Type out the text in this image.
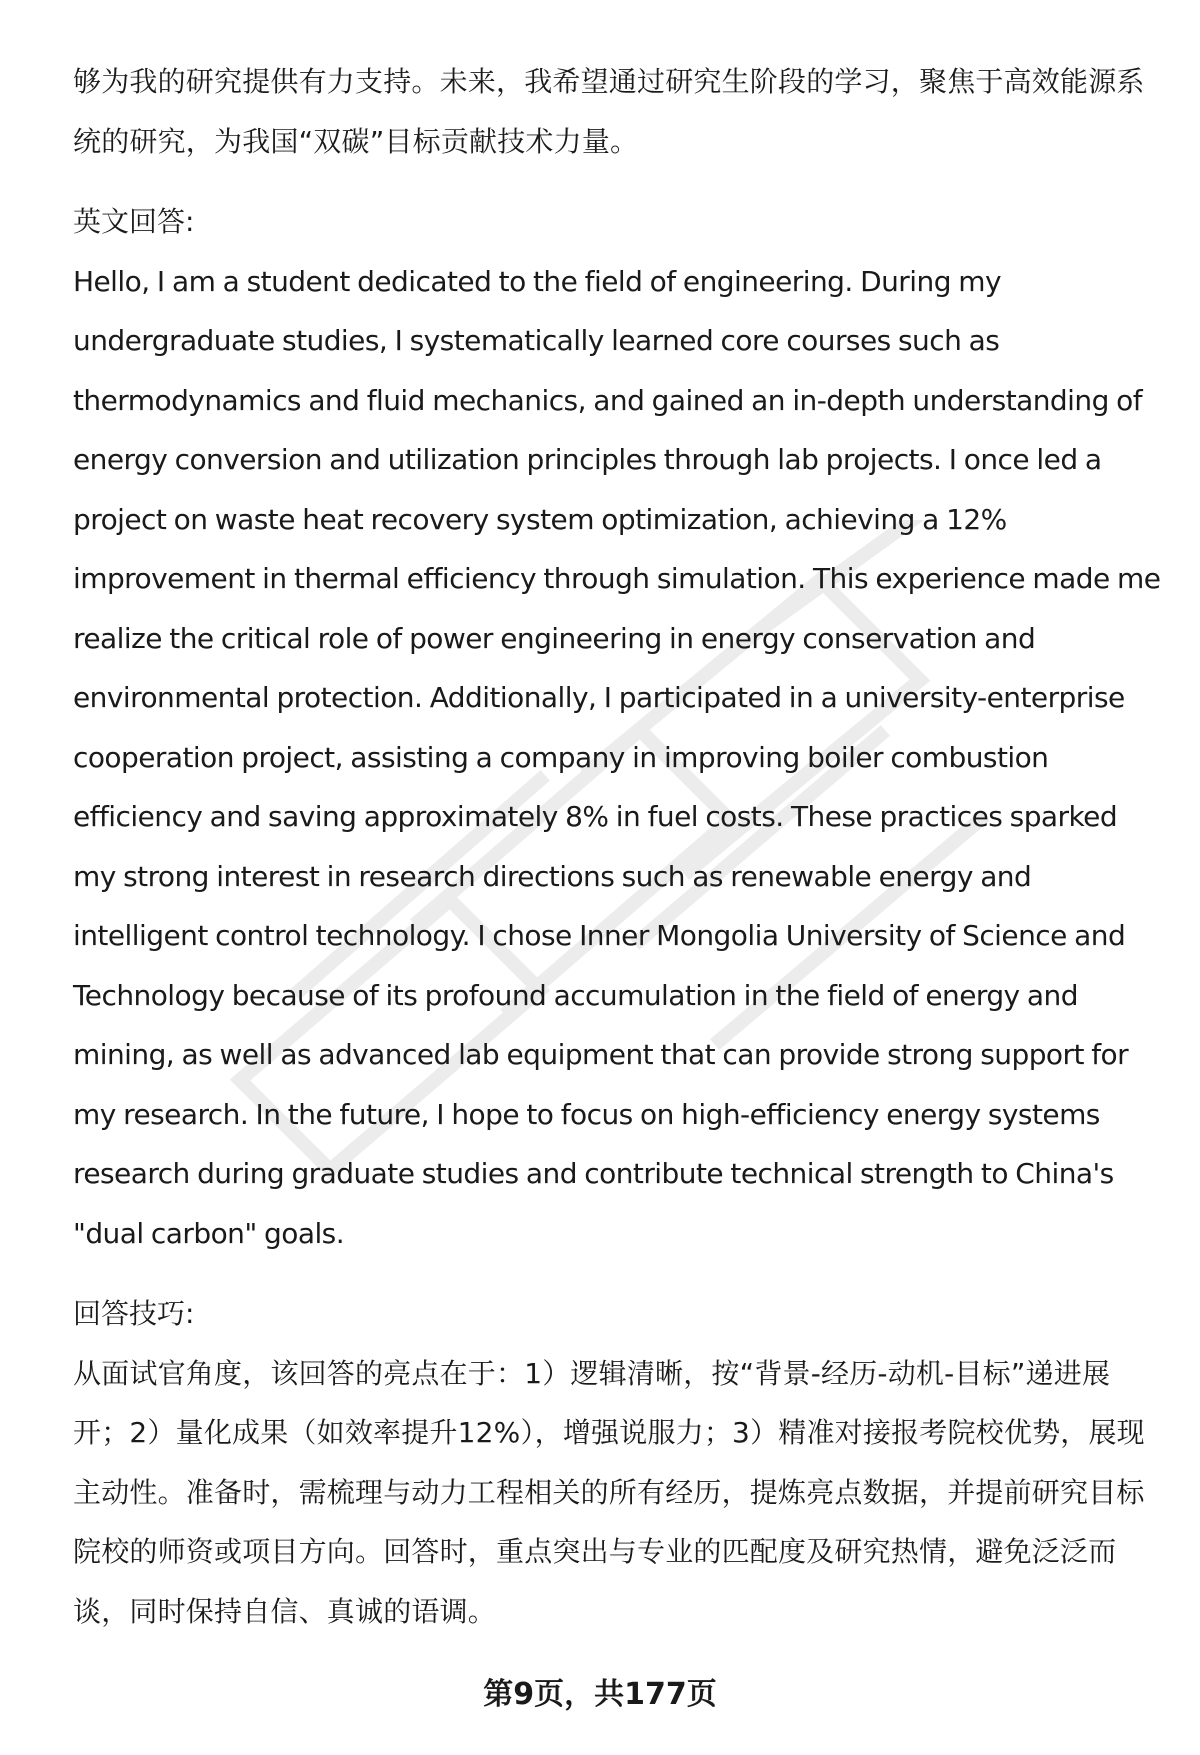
够为我的研究提供有力支持。未来，我希望通过研究生阶段的学习，聚焦于高效能源系统的研究，为我国“双碳”目标贡献技术力量。

英文回答:

Hello, I am a student dedicated to the field of engineering. During my undergraduate studies, I systematically learned core courses such as thermodynamics and fluid mechanics, and gained an in-depth understanding of energy conversion and utilization principles through lab projects. I once led a project on waste heat recovery system optimization, achieving a 12% improvement in thermal efficiency through simulation. This experience made me realize the critical role of power engineering in energy conservation and environmental protection. Additionally, I participated in a university-enterprise cooperation project, assisting a company in improving boiler combustion efficiency and saving approximately 8% in fuel costs. These practices sparked my strong interest in research directions such as renewable energy and intelligent control technology. I chose Inner Mongolia University of Science and Technology because of its profound accumulation in the field of energy and mining, as well as advanced lab equipment that can provide strong support for my research. In the future, I hope to focus on high-efficiency energy systems research during graduate studies and contribute technical strength to China's "dual carbon" goals.

回答技巧:

从面试官角度，该回答的亮点在于：1）逻辑清晰，按“背景-经历-动机-目标”递进展开；2）量化成果（如效率提升12%），增强说服力；3）精准对接报考院校优势，展现主动性。准备时，需梳理与动力工程相关的所有经历，提炼亮点数据，并提前研究目标院校的师资或项目方向。回答时，重点突出与专业的匹配度及研究热情，避免泛泛而谈，同时保持自信、真诚的语调。

第9页，共177页
